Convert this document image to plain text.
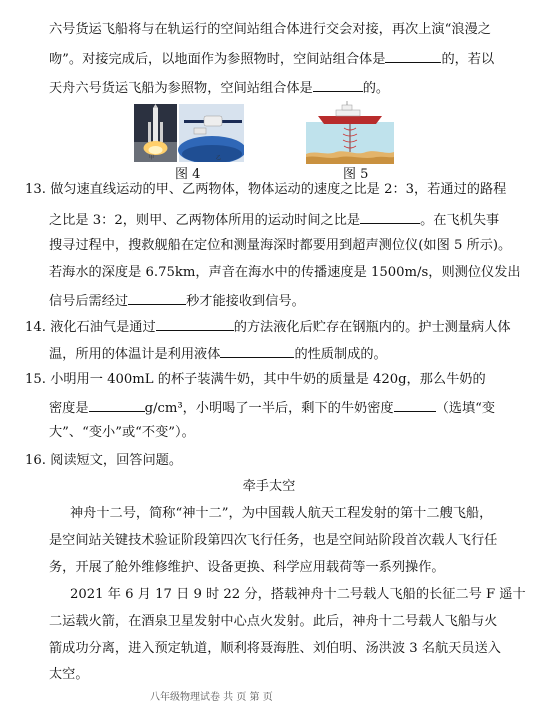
六号货运飞船将与在轨运行的空间站组合体进行交会对接，再次上演“浪漫之
吻”。对接完成后，以地面作为参照物时，空间站组合体是	的，若以
天舟六号货运飞船为参照物，空间站组合体是	的。
甲	乙
图 4	图 5
13. 做匀速直线运动的甲、乙两物体，物体运动的速度之比是 2：3，若通过的路程
之比是 3：2，则甲、乙两物体所用的运动时间之比是	。在飞机失事
搜寻过程中，搜救舰船在定位和测量海深时都要用到超声测位仪(如图 5 所示)。
若海水的深度是 6.75km，声音在海水中的传播速度是 1500m/s，则测位仪发出
信号后需经过	秒才能接收到信号。
14. 液化石油气是通过	的方法液化后贮存在钢瓶内的。护士测量病人体
温，所用的体温计是利用液体	的性质制成的。
15. 小明用一 400mL 的杯子装满牛奶，其中牛奶的质量是 420g，那么牛奶的
密度是	g/cm³，小明喝了一半后，剩下的牛奶密度	（选填“变
大”、“变小”或“不变”）。
16. 阅读短文，回答问题。
牵手太空
神舟十二号，简称“神十二”，为中国载人航天工程发射的第十二艘飞船，
是空间站关键技术验证阶段第四次飞行任务，也是空间站阶段首次载人飞行任
务，开展了舱外维修维护、设备更换、科学应用载荷等一系列操作。
2021 年 6 月 17 日 9 时 22 分，搭载神舟十二号载人飞船的长征二号 F 遥十
二运载火箭，在酒泉卫星发射中心点火发射。此后，神舟十二号载人飞船与火
箭成功分离，进入预定轨道，顺利将聂海胜、刘伯明、汤洪波 3 名航天员送入
太空。
八年级物理试卷 共 页 第 页
